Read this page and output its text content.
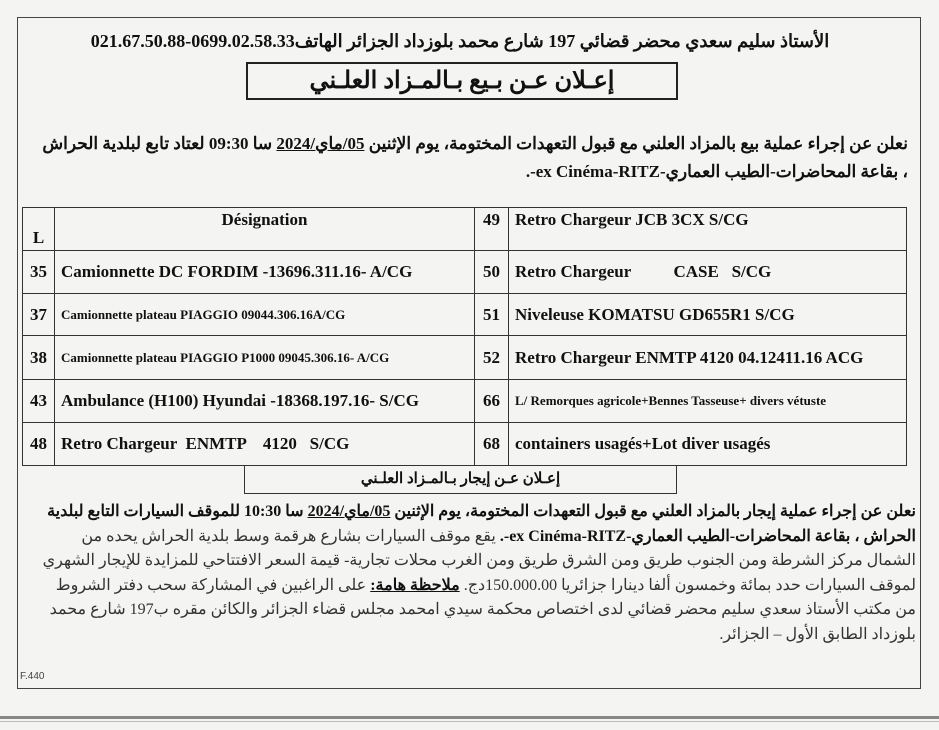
الأستاذ سليم سعدي محضر قضائي 197 شارع محمد بلوزداد الجزائر الهاتف0699.02.58.33-021.67.50.88
إعـلان عـن بـيع بـالمـزاد العلـني
نعلن عن إجراء عملية بيع بالمزاد العلني مع قبول التعهدات المختومة، يوم الإثنين 05/ماي/2024 سا 09:30 لعتاد تابع لبلدية الحراش ، بقاعة المحاضرات-الطيب العماري-ex Cinéma-RITZ-.
L	Désignation	49	Retro Chargeur JCB 3CX S/CG
35	Camionnette DC FORDIM -13696.311.16- A/CG	50	Retro Chargeur          CASE   S/CG
37	Camionnette plateau PIAGGIO 09044.306.16A/CG	51	Niveleuse KOMATSU GD655R1 S/CG
38	Camionnette plateau PIAGGIO P1000 09045.306.16- A/CG	52	Retro Chargeur ENMTP 4120 04.12411.16 ACG
43	Ambulance (H100) Hyundai -18368.197.16- S/CG	66	L/ Remorques agricole+Bennes Tasseuse+ divers vétuste
48	Retro Chargeur  ENMTP    4120   S/CG	68	containers usagés+Lot diver usagés
إعـلان عـن إيجار بـالمـزاد العلـني
نعلن عن إجراء عملية إيجار بالمزاد العلني مع قبول التعهدات المختومة، يوم الإثنين 05/ماي/2024 سا 10:30 للموقف السيارات التابع لبلدية الحراش ، بقاعة المحاضرات-الطيب العماري-ex Cinéma-RITZ-. يقع موقف السيارات بشارع هرقمة وسط بلدية الحراش يحده من الشمال مركز الشرطة ومن الجنوب طريق ومن الشرق طريق ومن الغرب محلات تجارية- قيمة السعر الافتتاحي للمزايدة للإيجار الشهري لموقف السيارات حدد بمائة وخمسون ألفا دينارا جزائريا 150.000.00دج. ملاحظة هامة: على الراغبين في المشاركة سحب دفتر الشروط من مكتب الأستاذ سعدي سليم محضر قضائي لدى اختصاص محكمة سيدي امحمد مجلس قضاء الجزائر والكائن مقره ب197 شارع محمد بلوزداد الطابق الأول – الجزائر.
F.440
